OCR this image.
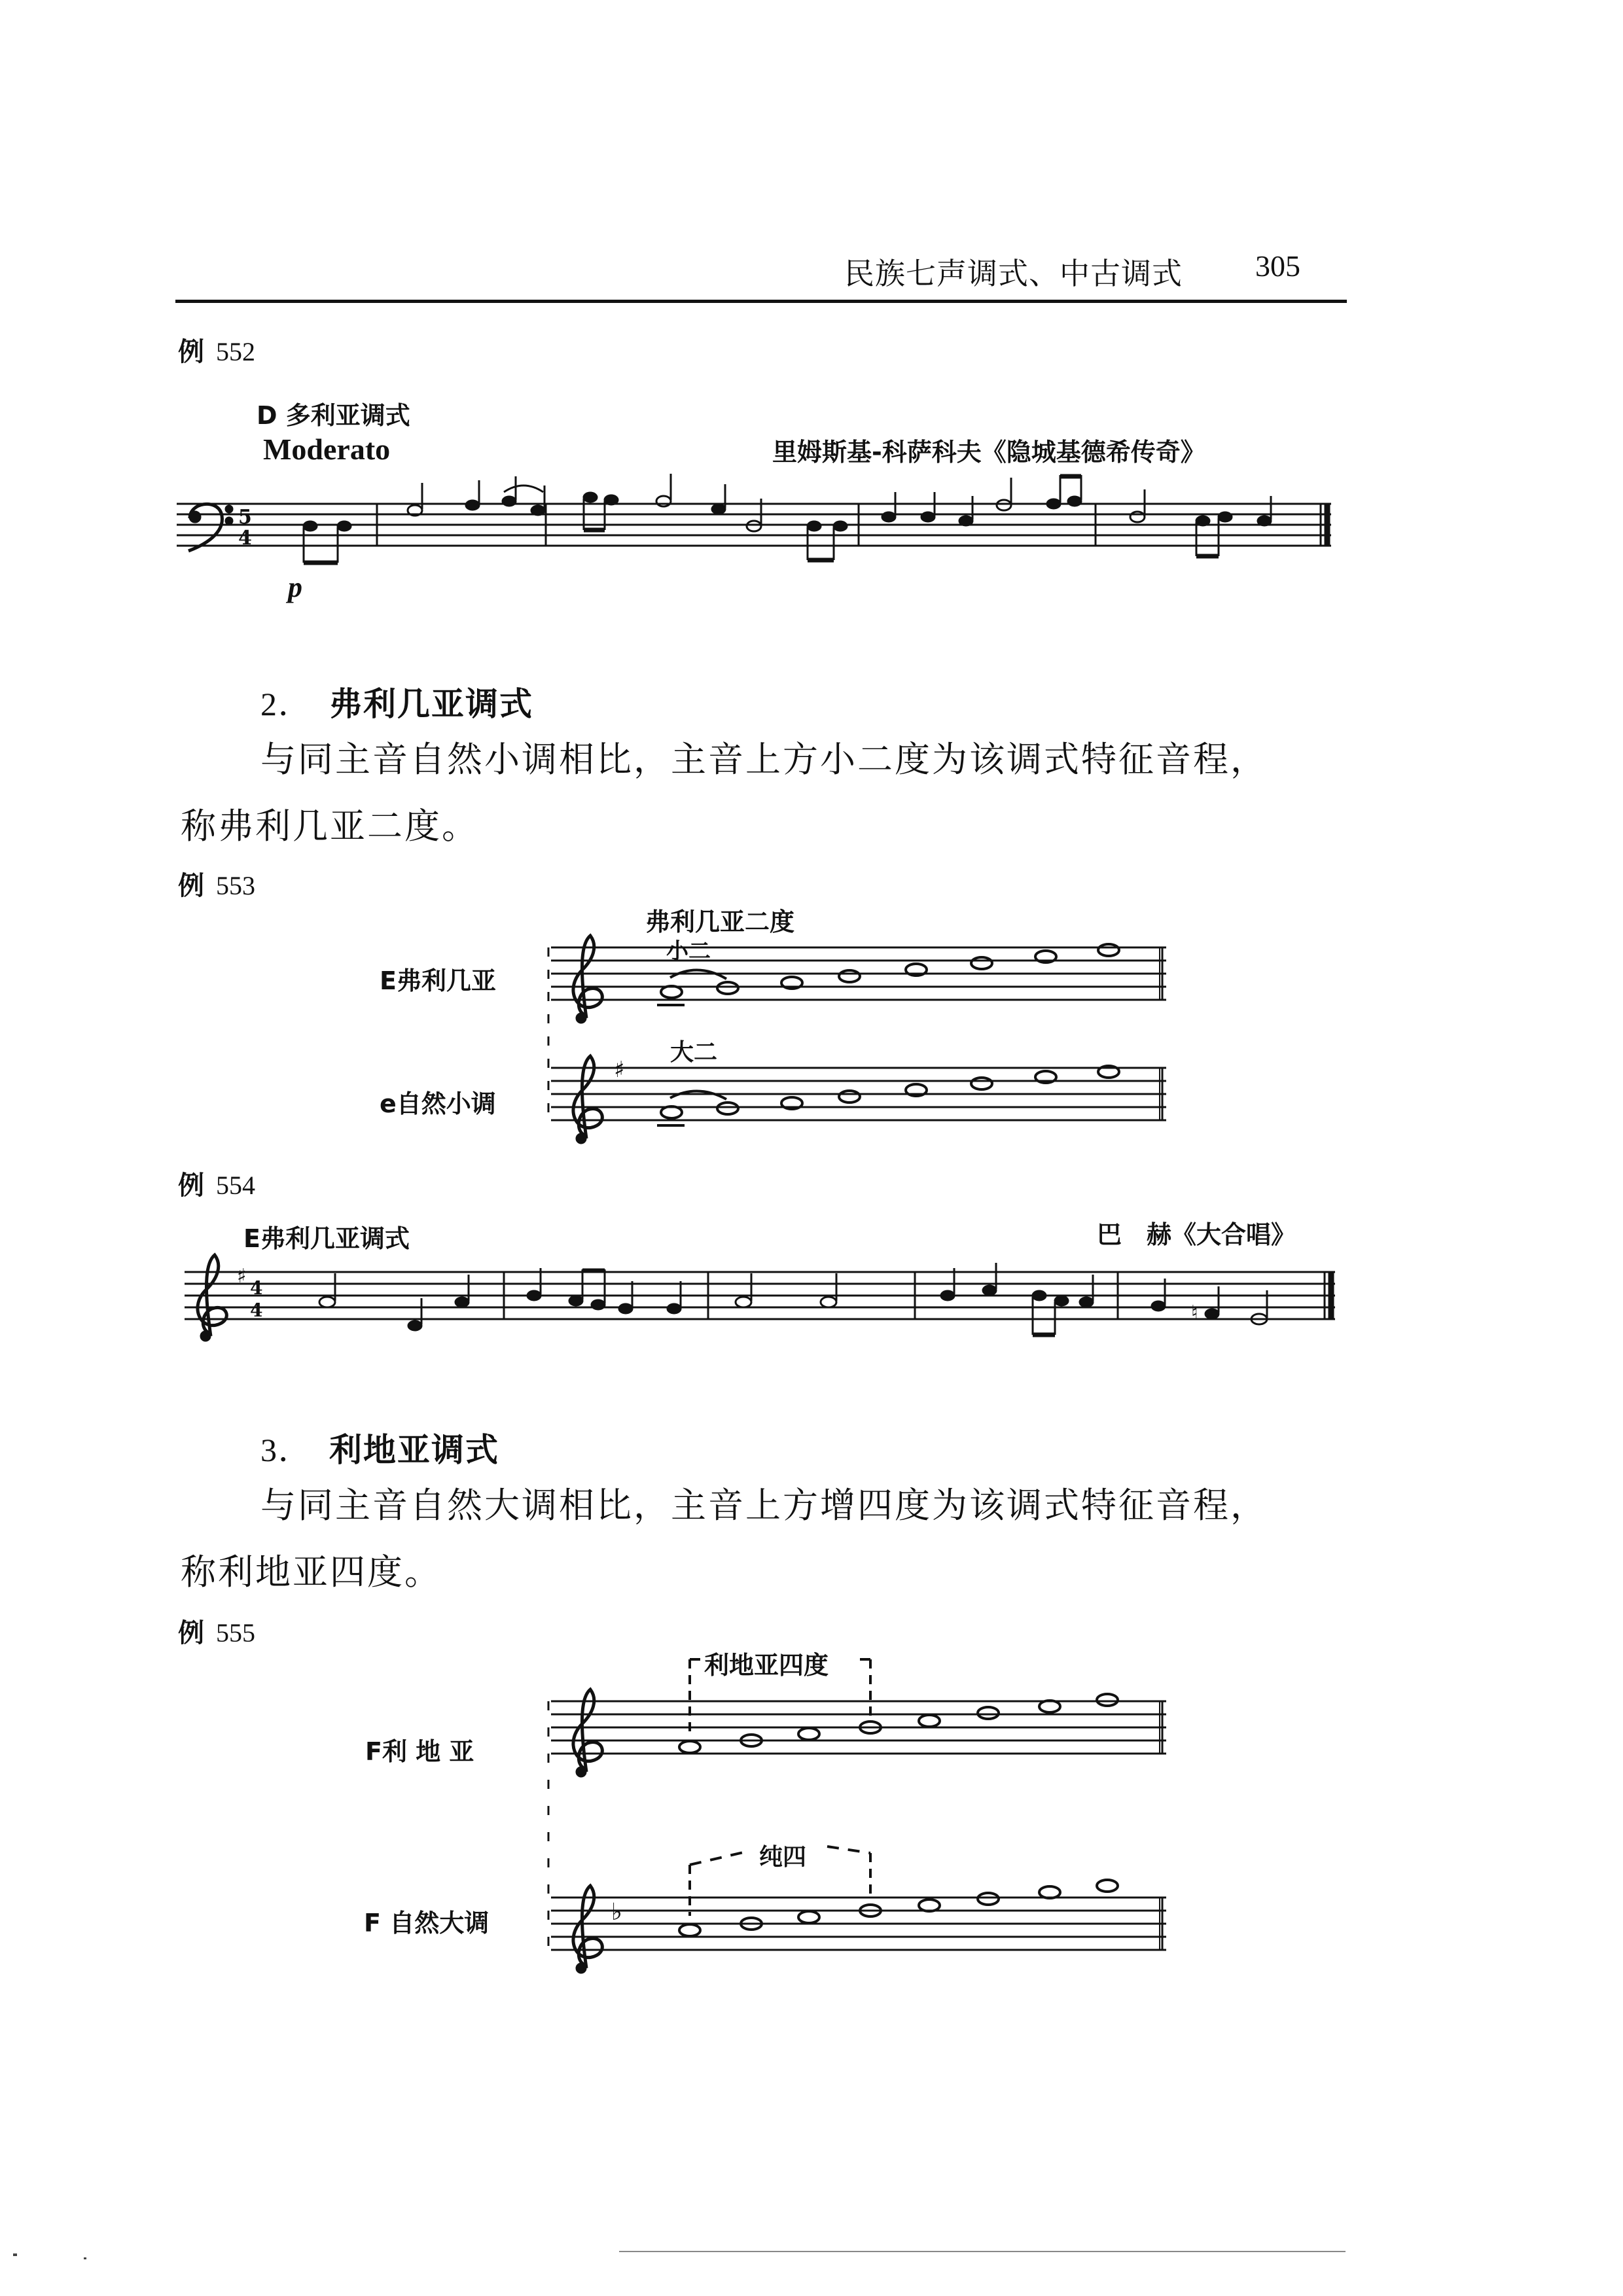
民族七声调式、中古调式 305
例 552
D 多利亚调式
Moderato	里姆斯基-科萨科夫《隐城基德希传奇》
p
2． 弗利几亚调式
与同主音自然小调相比，主音上方小二度为该调式特征音程，
称弗利几亚二度。
例 553
弗利几亚二度
E弗利几亚
小二
大二
e自然小调
例 554
E弗利几亚调式	巴　赫《大合唱》
3． 利地亚调式
与同主音自然大调相比，主音上方增四度为该调式特征音程，
称利地亚四度。
例 555
利地亚四度
F利 地 亚
纯四
F 自然大调
5
4
♯
♯
4
4	♮
♭
